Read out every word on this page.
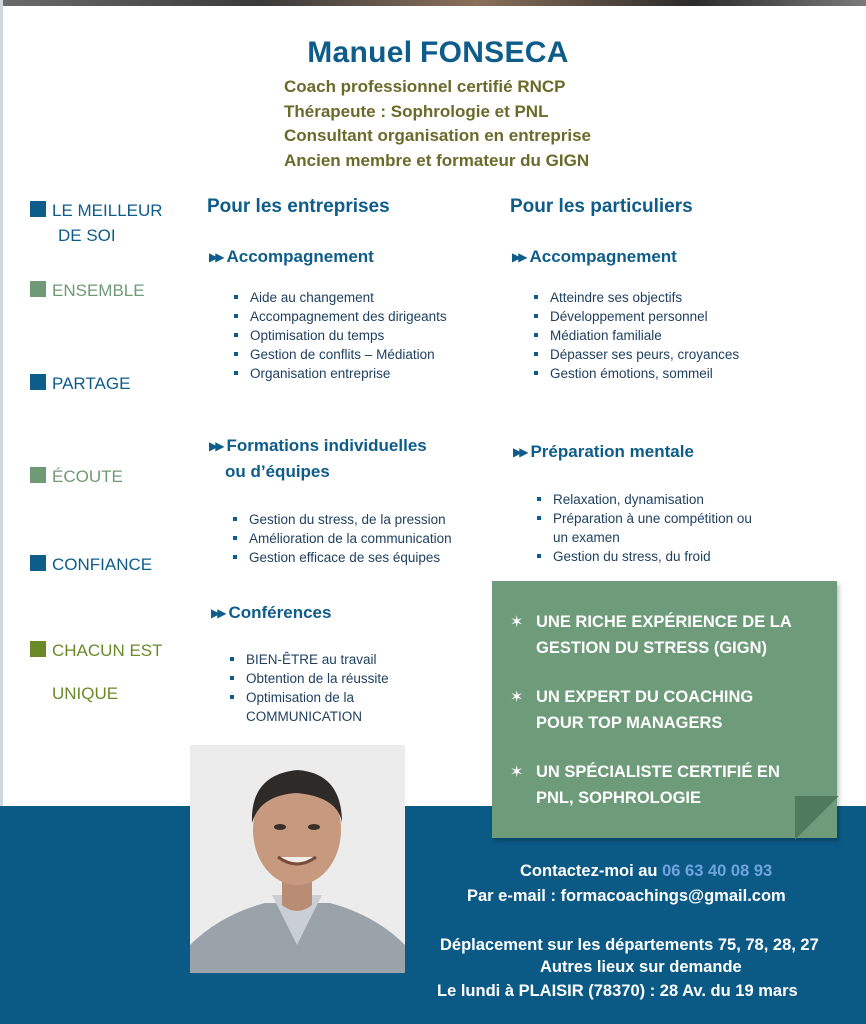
Manuel FONSECA
Coach professionnel certifié RNCP
Thérapeute : Sophrologie et PNL
Consultant organisation en entreprise
Ancien membre et formateur du GIGN
LE MEILLEUR
DE SOI
ENSEMBLE
PARTAGE
ÉCOUTE
CONFIANCE
CHACUN EST
UNIQUE
Pour les entreprises
▶▶ Accompagnement
Aide au changement
Accompagnement des dirigeants
Optimisation du temps
Gestion de conflits – Médiation
Organisation entreprise
▶▶ Formations individuelles
ou d’équipes
Gestion du stress, de la pression
Amélioration de la communication
Gestion efficace de ses équipes
▶▶ Conférences
BIEN-ÊTRE au travail
Obtention de la réussite
Optimisation de la COMMUNICATION
Pour les particuliers
▶▶ Accompagnement
Atteindre ses objectifs
Développement personnel
Médiation familiale
Dépasser ses peurs, croyances
Gestion émotions, sommeil
▶▶ Préparation mentale
Relaxation, dynamisation
Préparation à une compétition ou un examen
Gestion du stress, du froid
✶ UNE RICHE EXPÉRIENCE DE LA
GESTION DU STRESS (GIGN)
✶ UN EXPERT DU COACHING
POUR TOP MANAGERS
✶ UN SPÉCIALISTE CERTIFIÉ EN
PNL, SOPHROLOGIE
Contactez-moi au 06 63 40 08 93
Par e-mail : formacoachings@gmail.com
Déplacement sur les départements 75, 78, 28, 27
Autres lieux sur demande
Le lundi à PLAISIR (78370) : 28 Av. du 19 mars
